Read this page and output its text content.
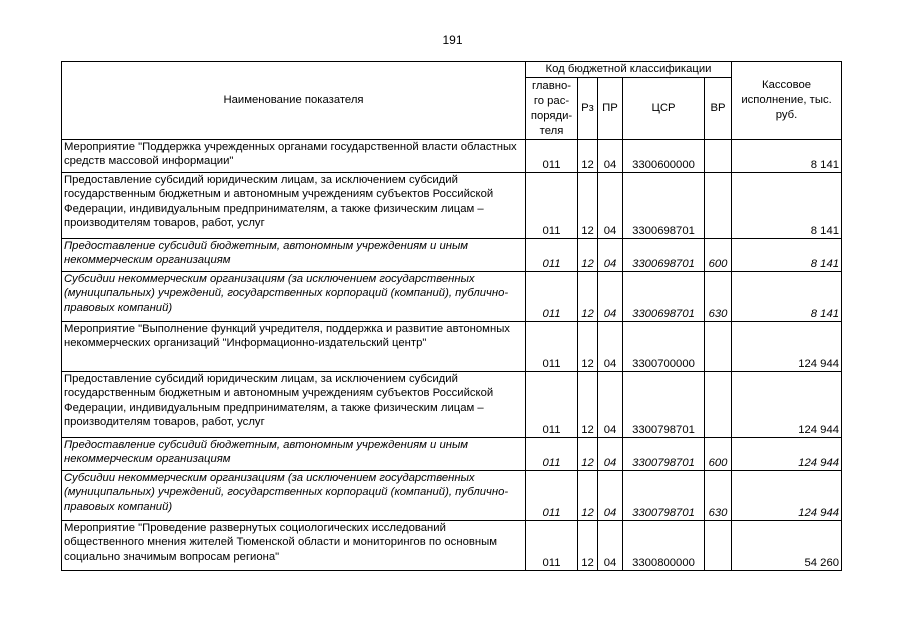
191
Наименование показателя	Код бюджетной классификации					Кассовое исполнение, тыс. руб.
	главно-го рас-поряди-теля	Рз	ПР	ЦСР	ВР	
Мероприятие "Поддержка учрежденных органами государственной власти областных средств массовой информации"	011	12	04	3300600000		8 141
Предоставление субсидий юридическим лицам, за исключением субсидий государственным бюджетным и автономным учреждениям субъектов Российской Федерации, индивидуальным предпринимателям, а также физическим лицам – производителям товаров, работ, услуг	011	12	04	3300698701		8 141
Предоставление субсидий бюджетным, автономным учреждениям и иным некоммерческим организациям	011	12	04	3300698701	600	8 141
Субсидии некоммерческим организациям (за исключением государственных (муниципальных) учреждений, государственных корпораций (компаний), публично-правовых компаний)	011	12	04	3300698701	630	8 141
Мероприятие "Выполнение функций учредителя, поддержка и развитие автономных некоммерческих организаций "Информационно-издательский центр"	011	12	04	3300700000		124 944
Предоставление субсидий юридическим лицам, за исключением субсидий государственным бюджетным и автономным учреждениям субъектов Российской Федерации, индивидуальным предпринимателям, а также физическим лицам – производителям товаров, работ, услуг	011	12	04	3300798701		124 944
Предоставление субсидий бюджетным, автономным учреждениям и иным некоммерческим организациям	011	12	04	3300798701	600	124 944
Субсидии некоммерческим организациям (за исключением государственных (муниципальных) учреждений, государственных корпораций (компаний), публично-правовых компаний)	011	12	04	3300798701	630	124 944
Мероприятие "Проведение развернутых социологических исследований общественного мнения жителей Тюменской области и мониторингов по основным социально значимым вопросам региона"	011	12	04	3300800000		54 260
